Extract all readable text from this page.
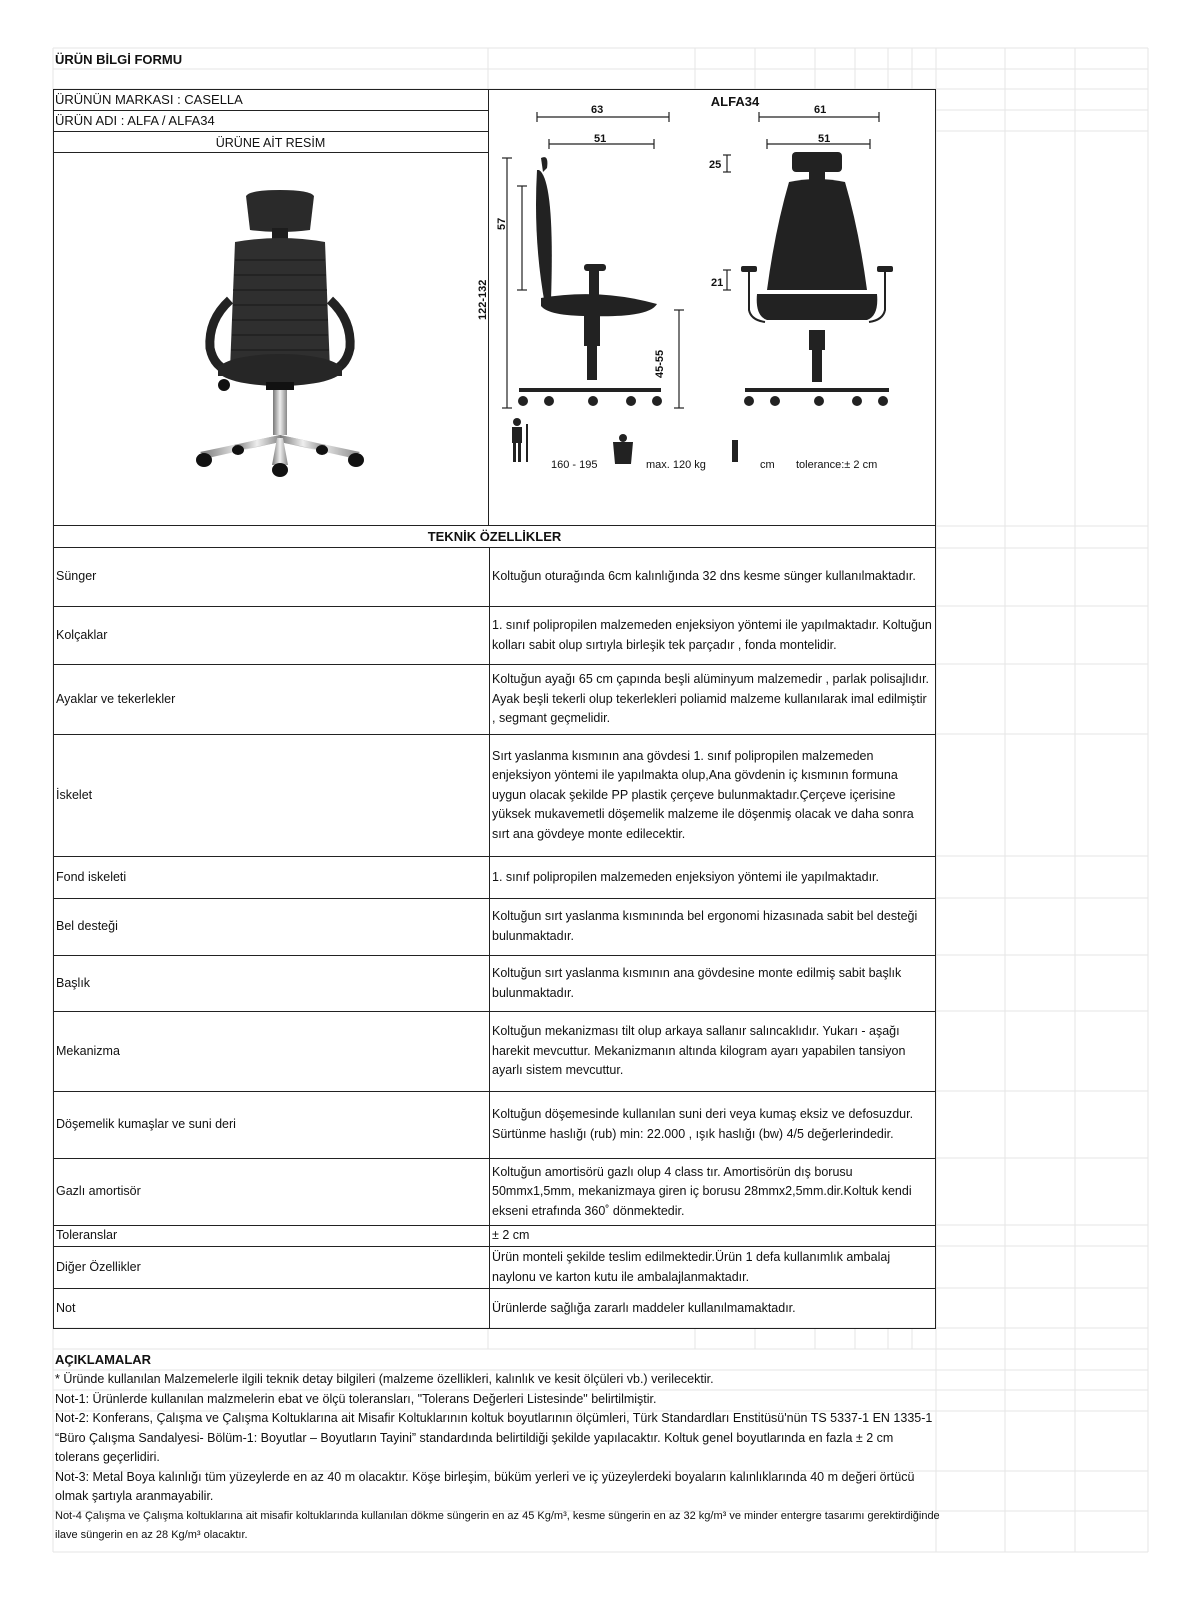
ÜRÜN BİLGİ FORMU
ÜRÜNÜN MARKASI : CASELLA
ÜRÜN ADI : ALFA / ALFA34
ÜRÜNE AİT RESİM
ALFA34
63
51
61
51
25
21
57
122-132
45-55
160 - 195 kg max. 120 kg	cm tolerance:± 2 cm
TEKNİK ÖZELLİKLER
Sünger	Koltuğun oturağında 6cm kalınlığında 32 dns kesme sünger kullanılmaktadır.
Kolçaklar	1. sınıf polipropilen malzemeden enjeksiyon yöntemi ile yapılmaktadır. Koltuğun kolları sabit olup sırtıyla birleşik tek parçadır , fonda montelidir.
Ayaklar ve tekerlekler	Koltuğun ayağı 65 cm çapında beşli alüminyum malzemedir , parlak polisajlıdır. Ayak beşli tekerli olup tekerlekleri poliamid malzeme kullanılarak imal edilmiştir , segmant geçmelidir.
İskelet	Sırt yaslanma kısmının ana gövdesi 1. sınıf polipropilen malzemeden enjeksiyon yöntemi ile yapılmakta olup,Ana gövdenin iç kısmının formuna uygun olacak şekilde PP plastik çerçeve bulunmaktadır.Çerçeve içerisine yüksek mukavemetli döşemelik malzeme ile döşenmiş olacak ve daha sonra sırt ana gövdeye monte edilecektir.
Fond iskeleti	1. sınıf polipropilen malzemeden enjeksiyon yöntemi ile yapılmaktadır.
Bel desteği	Koltuğun sırt yaslanma kısmınında bel ergonomi hizasınada sabit bel desteği bulunmaktadır.
Başlık	Koltuğun sırt yaslanma kısmının ana gövdesine monte edilmiş sabit başlık bulunmaktadır.
Mekanizma	Koltuğun mekanizması tilt olup arkaya sallanır salıncaklıdır. Yukarı - aşağı harekit mevcuttur. Mekanizmanın altında kilogram ayarı yapabilen tansiyon ayarlı sistem mevcuttur.
Döşemelik kumaşlar ve suni deri	Koltuğun döşemesinde kullanılan suni deri veya kumaş eksiz ve defosuzdur. Sürtünme haslığı (rub) min: 22.000 , ışık haslığı (bw) 4/5 değerlerindedir.
Gazlı amortisör	Koltuğun amortisörü gazlı olup 4 class tır. Amortisörün dış borusu 50mmx1,5mm, mekanizmaya giren iç borusu 28mmx2,5mm.dir.Koltuk kendi ekseni etrafında 360˚ dönmektedir.
Toleranslar	± 2 cm
Diğer Özellikler	Ürün monteli şekilde teslim edilmektedir.Ürün 1 defa kullanımlık ambalaj naylonu ve karton kutu ile ambalajlanmaktadır.
Not	Ürünlerde sağlığa zararlı maddeler kullanılmamaktadır.
AÇIKLAMALAR
* Üründe kullanılan Malzemelerle ilgili teknik detay bilgileri (malzeme özellikleri, kalınlık ve kesit ölçüleri vb.) verilecektir.
Not-1: Ürünlerde kullanılan malzmelerin ebat ve ölçü toleransları, "Tolerans Değerleri Listesinde" belirtilmiştir.
Not-2: Konferans, Çalışma ve Çalışma Koltuklarına ait Misafir Koltuklarının koltuk boyutlarının ölçümleri, Türk Standardları Enstitüsü'nün TS 5337-1 EN 1335-1 “Büro Çalışma Sandalyesi- Bölüm-1: Boyutlar – Boyutların Tayini” standardında belirtildiği şekilde yapılacaktır. Koltuk genel boyutlarında en fazla ± 2 cm tolerans geçerlidiri.
Not-3: Metal Boya kalınlığı tüm yüzeylerde en az 40 m olacaktır. Köşe birleşim, büküm yerleri ve iç yüzeylerdeki boyaların kalınlıklarında 40 m değeri örtücü olmak şartıyla aranmayabilir.
Not-4 Çalışma ve Çalışma koltuklarına ait misafir koltuklarında kullanılan dökme süngerin en az 45 Kg/m³, kesme süngerin en az 32 kg/m³ ve minder entergre tasarımı gerektirdiğinde ilave süngerin en az 28 Kg/m³ olacaktır.
